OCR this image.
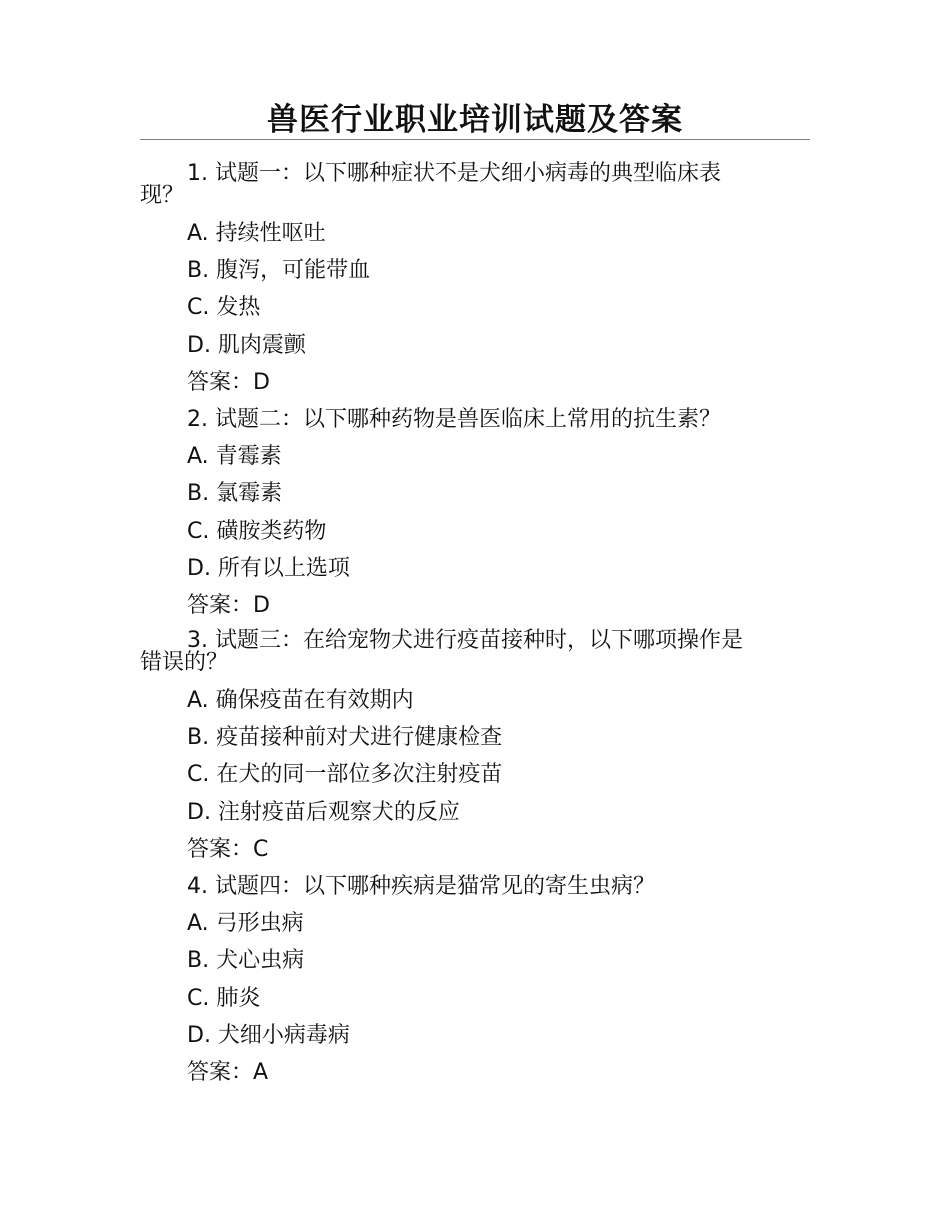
兽医行业职业培训试题及答案
1. 试题一：以下哪种症状不是犬细小病毒的典型临床表
现？
A. 持续性呕吐
B. 腹泻，可能带血
C. 发热
D. 肌肉震颤
答案：D
2. 试题二：以下哪种药物是兽医临床上常用的抗生素？
A. 青霉素
B. 氯霉素
C. 磺胺类药物
D. 所有以上选项
答案：D
3. 试题三：在给宠物犬进行疫苗接种时，以下哪项操作是
错误的？
A. 确保疫苗在有效期内
B. 疫苗接种前对犬进行健康检查
C. 在犬的同一部位多次注射疫苗
D. 注射疫苗后观察犬的反应
答案：C
4. 试题四：以下哪种疾病是猫常见的寄生虫病？
A. 弓形虫病
B. 犬心虫病
C. 肺炎
D. 犬细小病毒病
答案：A
